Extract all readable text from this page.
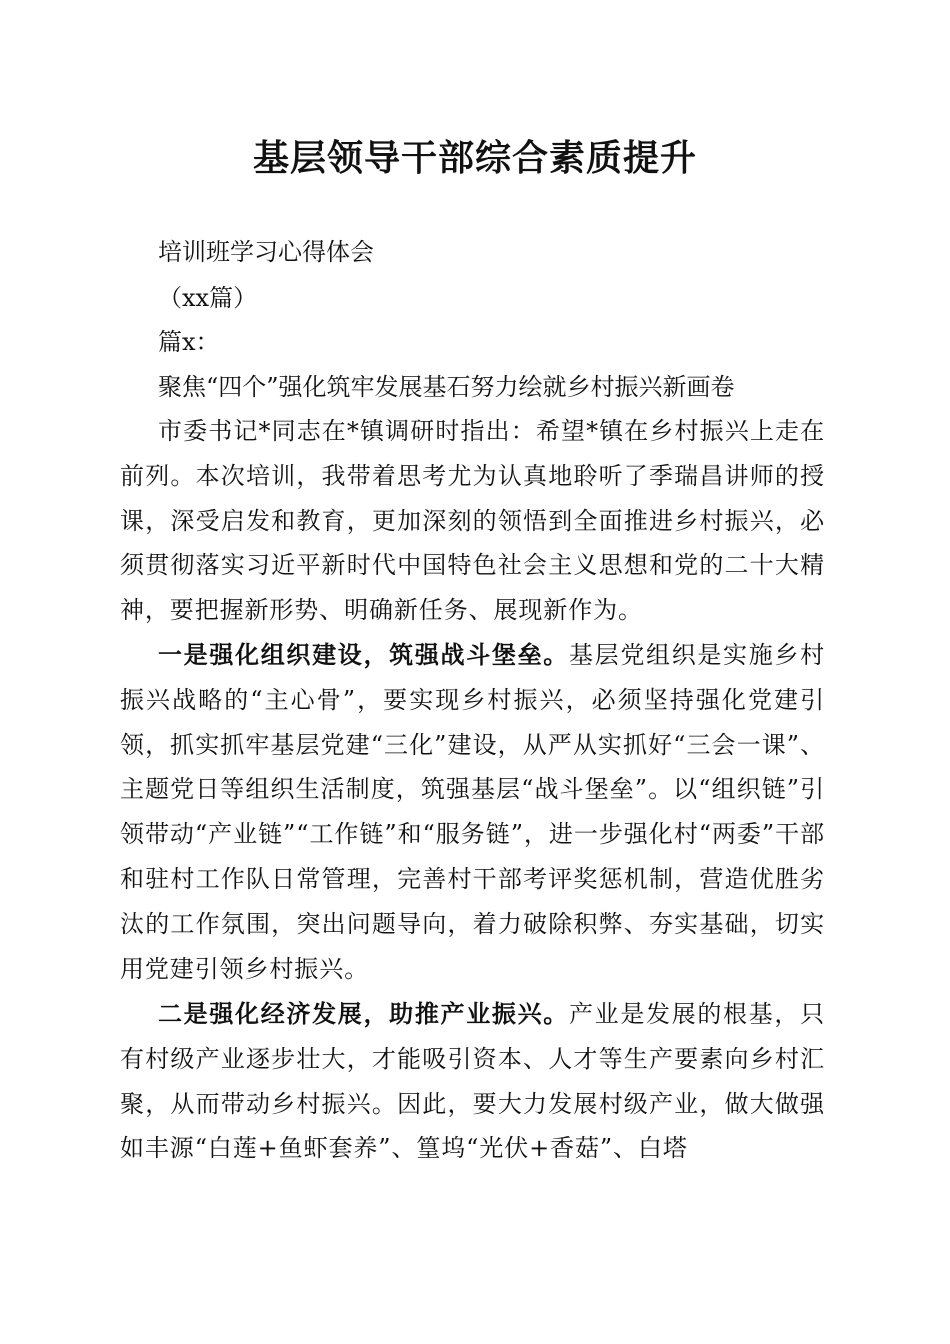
基层领导干部综合素质提升
培训班学习心得体会
（xx篇）
篇x：
聚焦“四个”强化筑牢发展基石努力绘就乡村振兴新画卷
市委书记*同志在*镇调研时指出：希望*镇在乡村振兴上走在前列。本次培训，我带着思考尤为认真地聆听了季瑞昌讲师的授课，深受启发和教育，更加深刻的领悟到全面推进乡村振兴，必须贯彻落实习近平新时代中国特色社会主义思想和党的二十大精神，要把握新形势、明确新任务、展现新作为。
一是强化组织建设，筑强战斗堡垒。基层党组织是实施乡村振兴战略的“主心骨”，要实现乡村振兴，必须坚持强化党建引领，抓实抓牢基层党建“三化”建设，从严从实抓好“三会一课”、主题党日等组织生活制度，筑强基层“战斗堡垒”。以“组织链”引领带动“产业链”“工作链”和“服务链”，进一步强化村“两委”干部和驻村工作队日常管理，完善村干部考评奖惩机制，营造优胜劣汰的工作氛围，突出问题导向，着力破除积弊、夯实基础，切实用党建引领乡村振兴。
二是强化经济发展，助推产业振兴。产业是发展的根基，只有村级产业逐步壮大，才能吸引资本、人才等生产要素向乡村汇聚，从而带动乡村振兴。因此，要大力发展村级产业，做大做强如丰源“白莲+鱼虾套养”、篁坞“光伏+香菇”、白塔
